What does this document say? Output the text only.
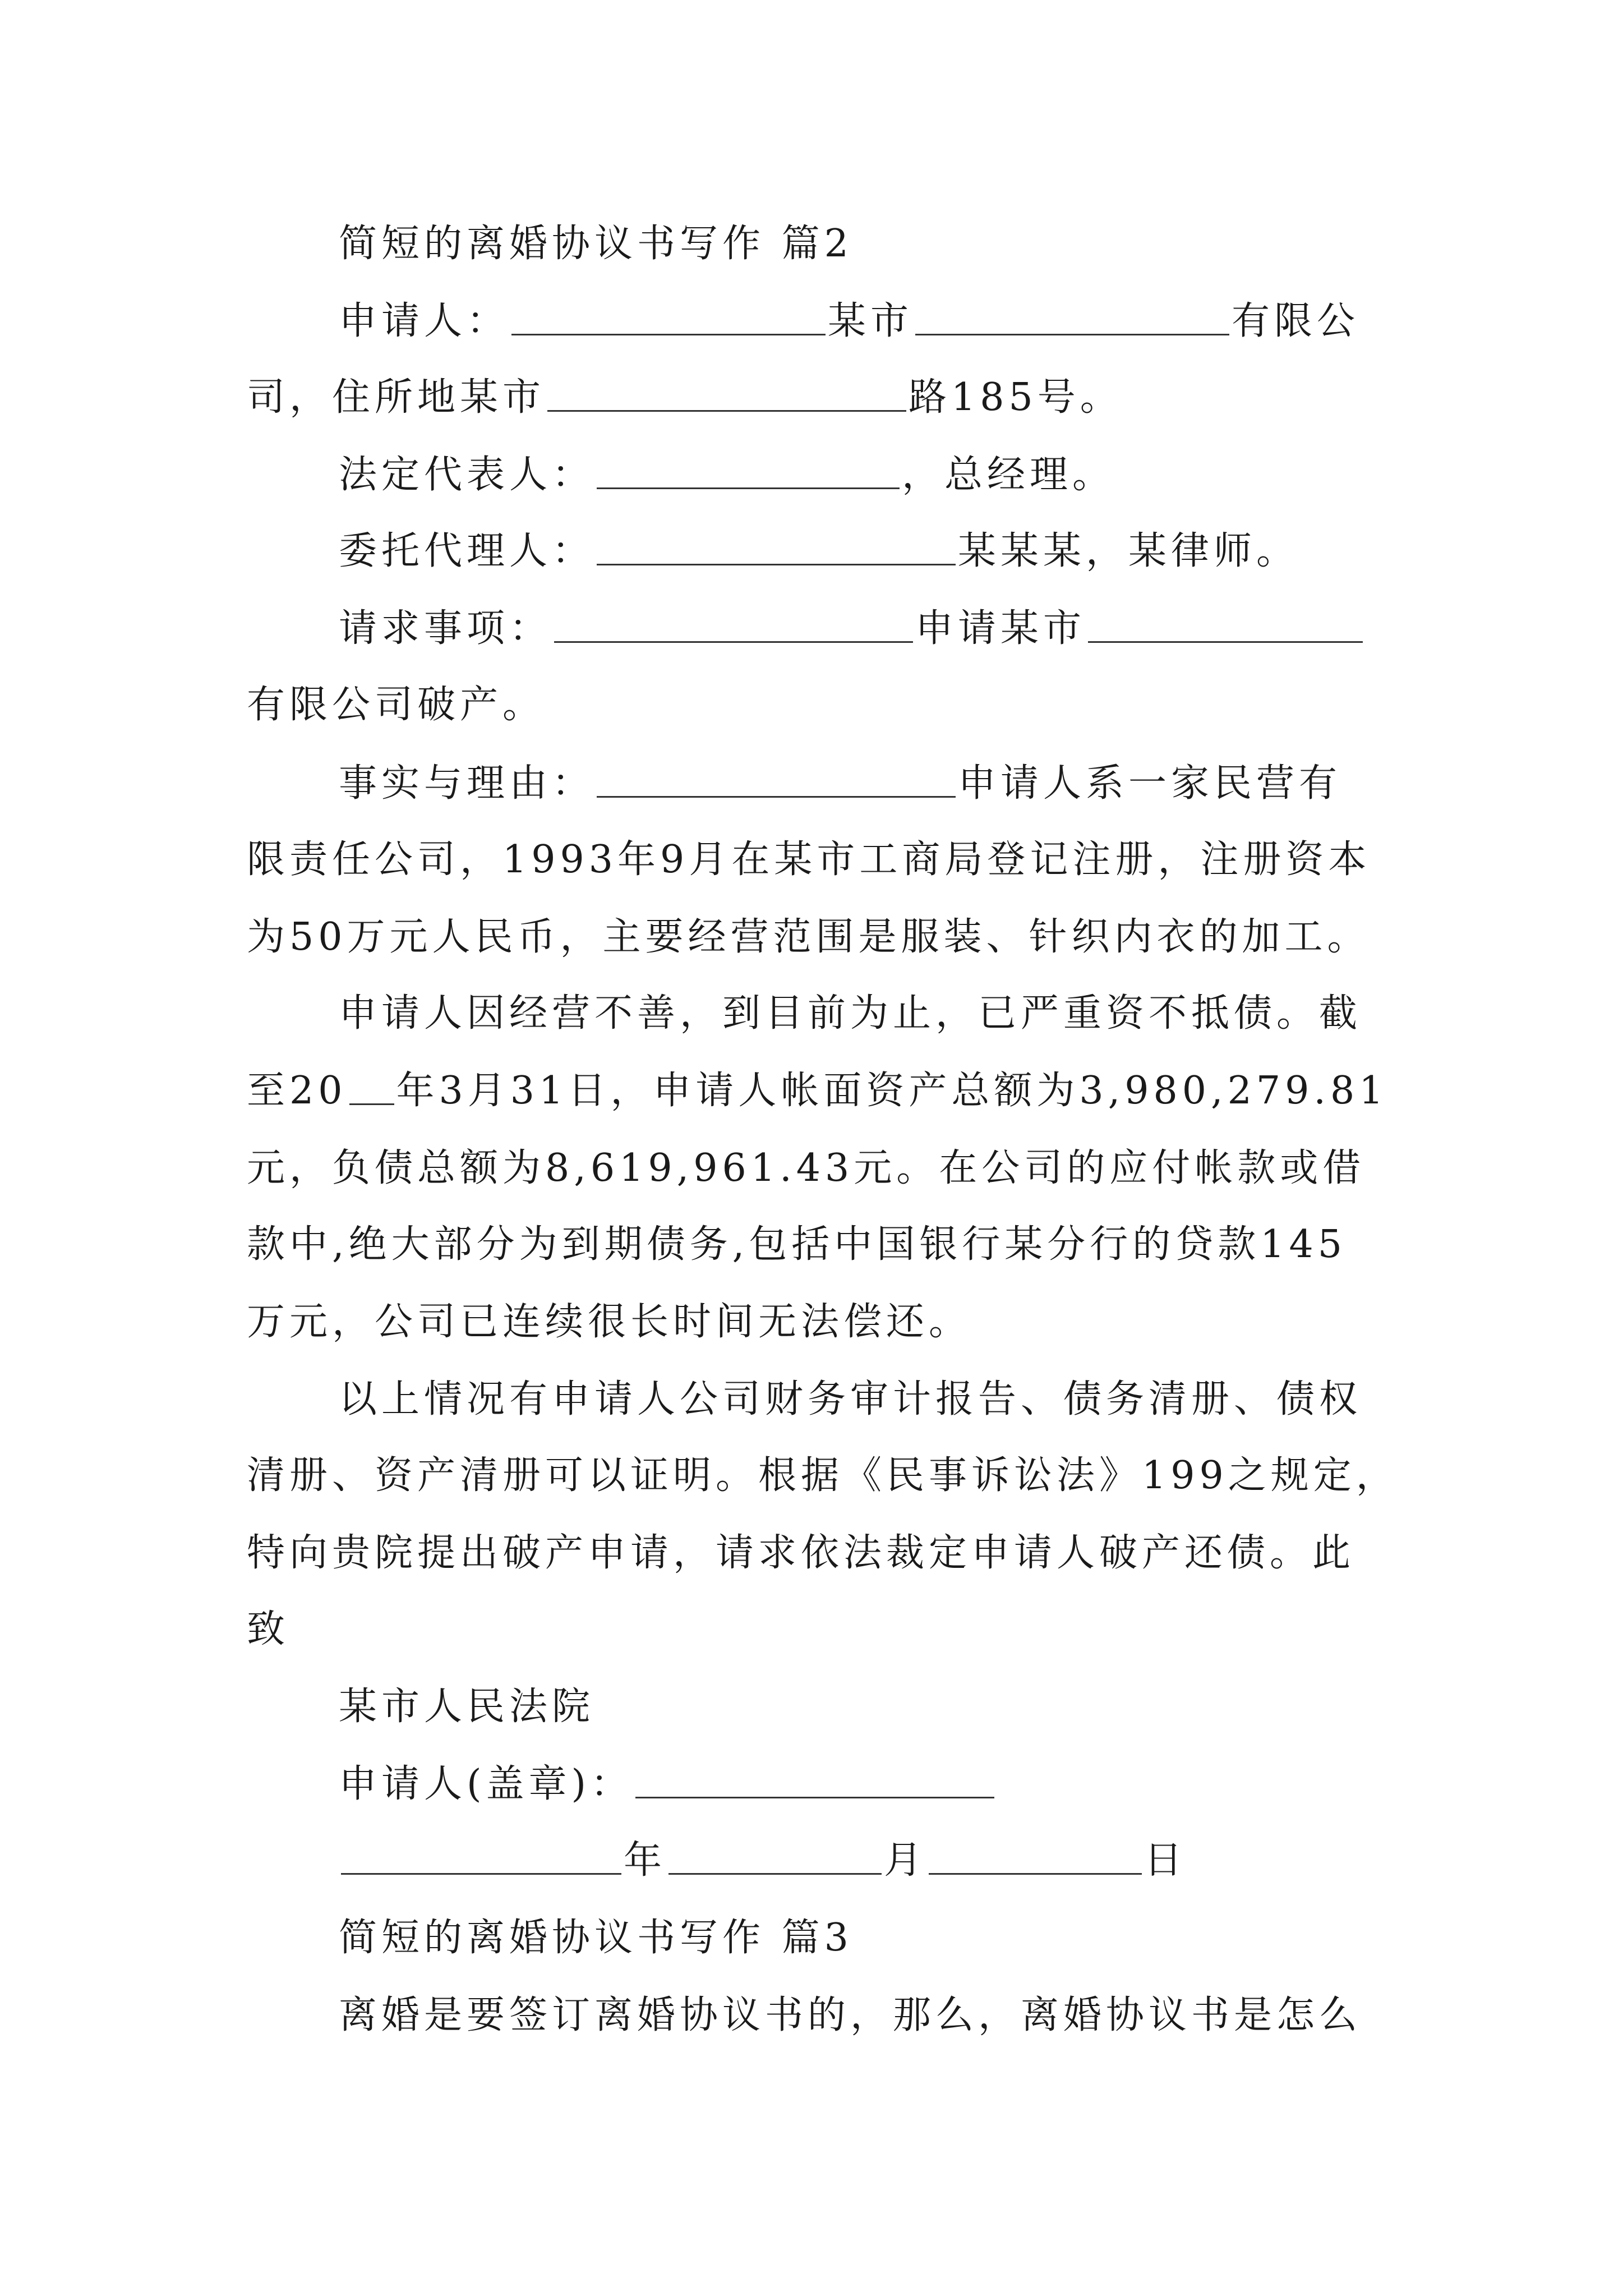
简短的离婚协议书写作 篇2
申请人：	某市	有限公
司，住所地某市	路185号。
法定代表人：	，总经理。
委托代理人：	某某某，某律师。
请求事项：	申请某市
有限公司破产。
事实与理由：	申请人系一家民营有
限责任公司，1993年9月在某市工商局登记注册，注册资本
为50万元人民币，主要经营范围是服装、针织内衣的加工。
申请人因经营不善，到目前为止，已严重资不抵债。截
至20 年3月31日，申请人帐面资产总额为3,980,279.81
元，负债总额为8,619,961.43元。在公司的应付帐款或借
款中,绝大部分为到期债务,包括中国银行某分行的贷款145
万元，公司已连续很长时间无法偿还。
以上情况有申请人公司财务审计报告、债务清册、债权
清册、资产清册可以证明。根据《民事诉讼法》199之规定，
特向贵院提出破产申请，请求依法裁定申请人破产还债。此
致
某市人民法院
申请人(盖章)：
年	月	日
简短的离婚协议书写作 篇3
离婚是要签订离婚协议书的，那么，离婚协议书是怎么
